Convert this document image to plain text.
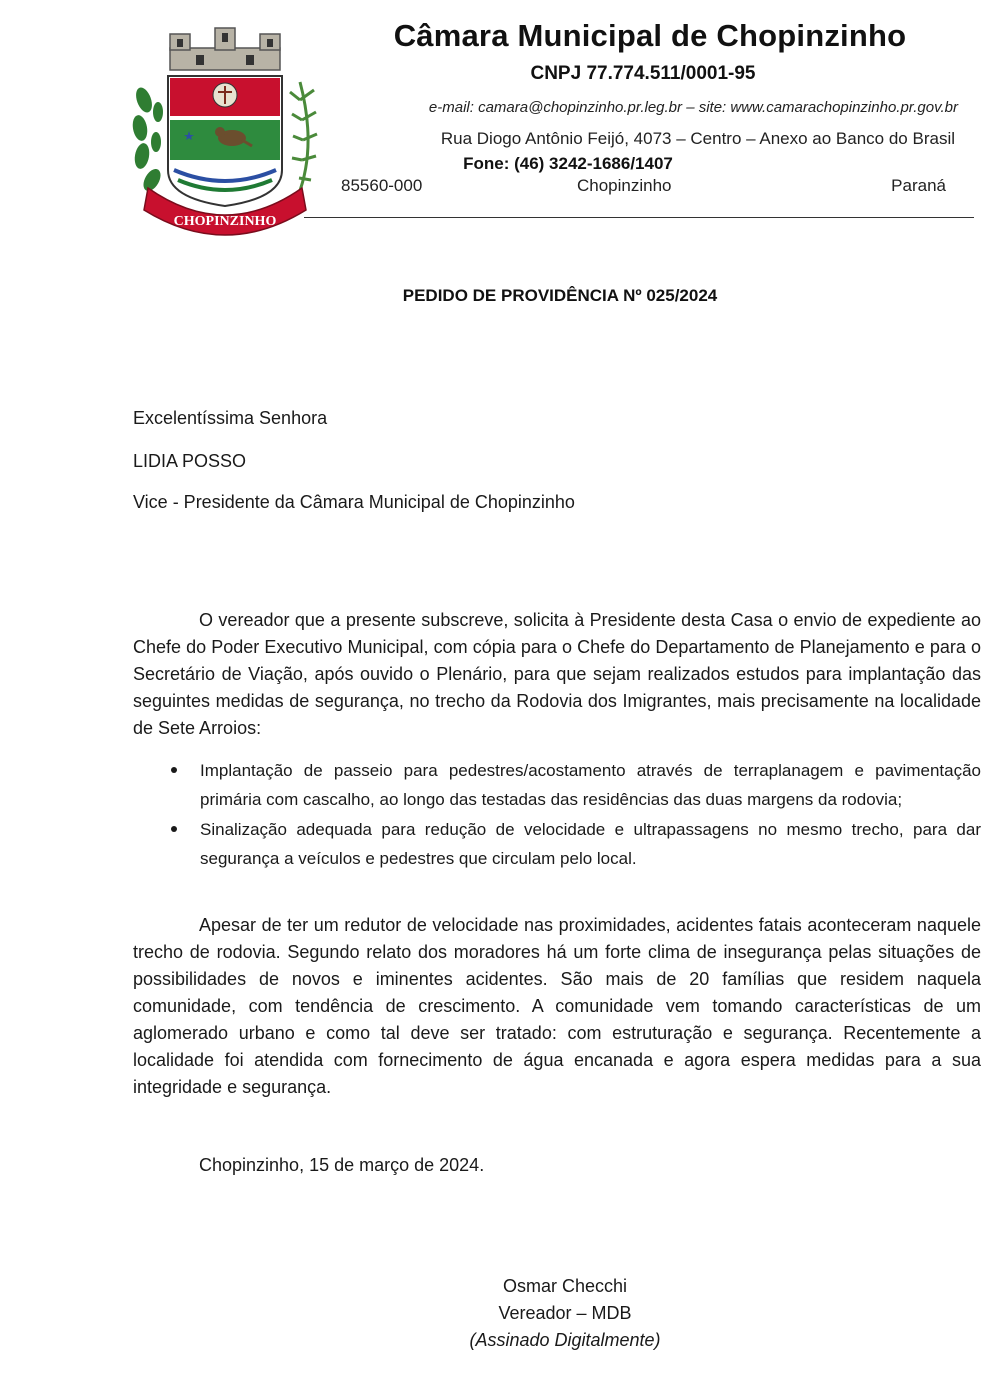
CHOPINZINHO
Câmara Municipal de Chopinzinho
CNPJ 77.774.511/0001-95
e-mail: camara@chopinzinho.pr.leg.br – site: www.camarachopinzinho.pr.gov.br
Rua Diogo Antônio Feijó, 4073 – Centro – Anexo ao Banco do Brasil
Fone: (46) 3242-1686/1407
85560-000	Chopinzinho	Paraná
PEDIDO DE PROVIDÊNCIA Nº 025/2024
Excelentíssima Senhora
LIDIA POSSO
Vice - Presidente da Câmara Municipal de Chopinzinho

O vereador que a presente subscreve, solicita à Presidente desta Casa o envio de expediente ao Chefe do Poder Executivo Municipal, com cópia para o Chefe do Departamento de Planejamento e para o Secretário de Viação, após ouvido o Plenário, para que sejam realizados estudos para implantação das seguintes medidas de segurança, no trecho da Rodovia dos Imigrantes, mais precisamente na localidade de Sete Arroios:

Implantação de passeio para pedestres/acostamento através de terraplanagem e pavimentação primária com cascalho, ao longo das testadas das residências das duas margens da rodovia;
Sinalização adequada para redução de velocidade e ultrapassagens no mesmo trecho, para dar segurança a veículos e pedestres que circulam pelo local.

Apesar de ter um redutor de velocidade nas proximidades, acidentes fatais aconteceram naquele trecho de rodovia. Segundo relato dos moradores há um forte clima de insegurança pelas situações de possibilidades de novos e iminentes acidentes. São mais de 20 famílias que residem naquela comunidade, com tendência de crescimento. A comunidade vem tomando características de um aglomerado urbano e como tal deve ser tratado: com estruturação e segurança. Recentemente a localidade foi atendida com fornecimento de água encanada e agora espera medidas para a sua integridade e segurança.

Chopinzinho, 15 de março de 2024.
Osmar Checchi
Vereador – MDB
(Assinado Digitalmente)
